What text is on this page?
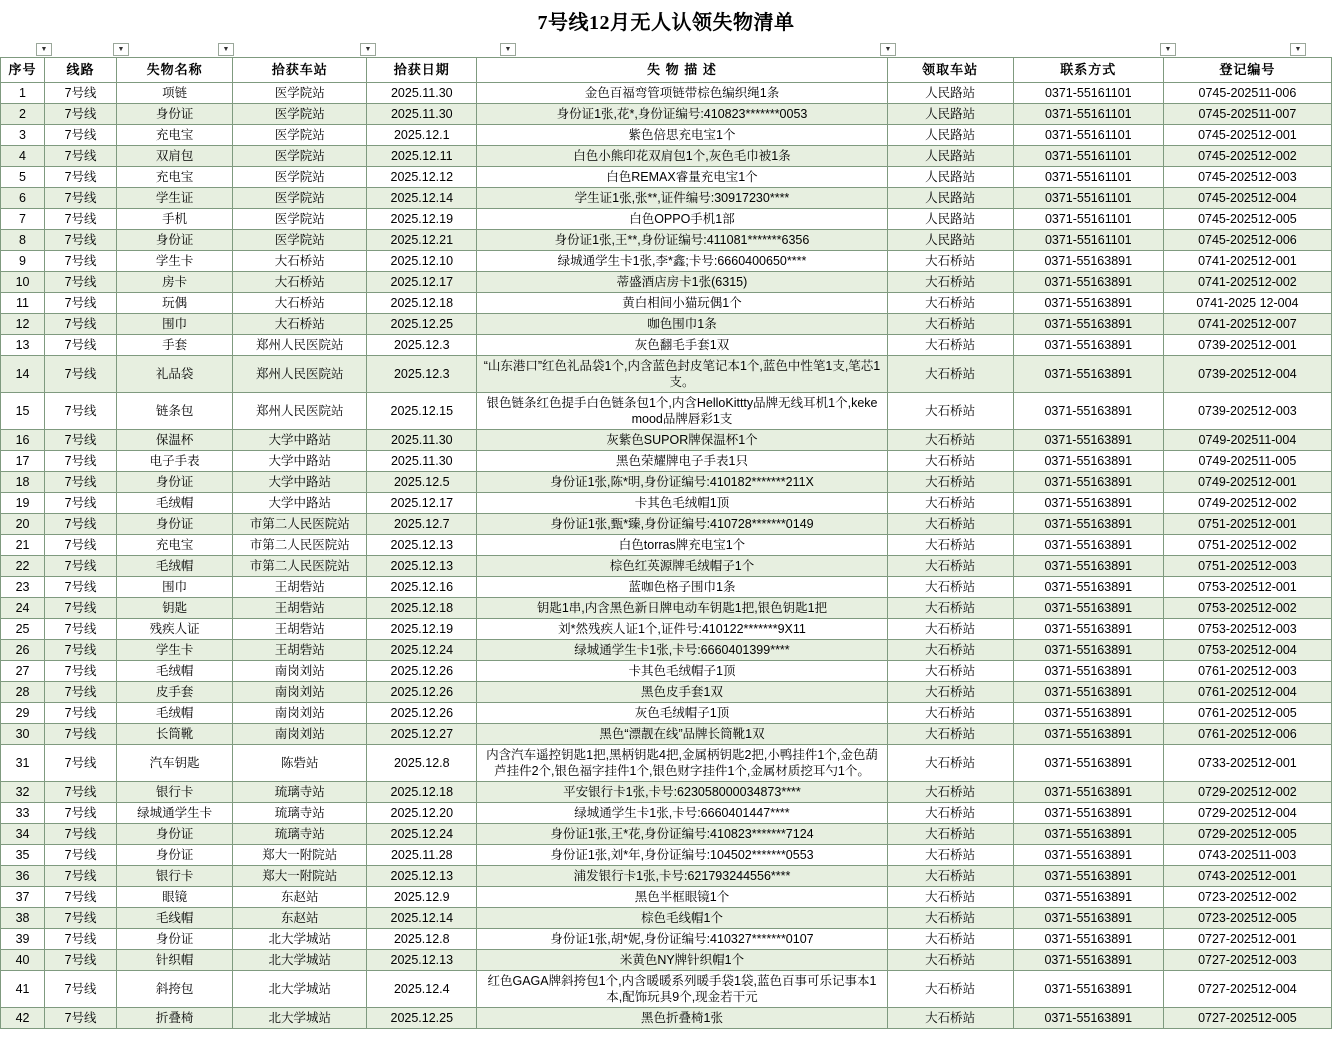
7号线12月无人认领失物清单
▼	▼	▼	▼	▼	▼	▼	▼
序号	线路	失物名称	拾获车站	拾获日期	失 物 描 述	领取车站	联系方式	登记编号
1	7号线	项链	医学院站	2025.11.30	金色百福弯管项链带棕色编织绳1条	人民路站	0371-55161101	0745-202511-006
2	7号线	身份证	医学院站	2025.11.30	身份证1张,花*,身份证编号:410823*******0053	人民路站	0371-55161101	0745-202511-007
3	7号线	充电宝	医学院站	2025.12.1	紫色倍思充电宝1个	人民路站	0371-55161101	0745-202512-001
4	7号线	双肩包	医学院站	2025.12.11	白色小熊印花双肩包1个,灰色毛巾被1条	人民路站	0371-55161101	0745-202512-002
5	7号线	充电宝	医学院站	2025.12.12	白色REMAX睿量充电宝1个	人民路站	0371-55161101	0745-202512-003
6	7号线	学生证	医学院站	2025.12.14	学生证1张,张**,证件编号:30917230****	人民路站	0371-55161101	0745-202512-004
7	7号线	手机	医学院站	2025.12.19	白色OPPO手机1部	人民路站	0371-55161101	0745-202512-005
8	7号线	身份证	医学院站	2025.12.21	身份证1张,王**,身份证编号:411081*******6356	人民路站	0371-55161101	0745-202512-006
9	7号线	学生卡	大石桥站	2025.12.10	绿城通学生卡1张,李*鑫;卡号:6660400650****	大石桥站	0371-55163891	0741-202512-001
10	7号线	房卡	大石桥站	2025.12.17	蒂盛酒店房卡1张(6315)	大石桥站	0371-55163891	0741-202512-002
11	7号线	玩偶	大石桥站	2025.12.18	黄白相间小猫玩偶1个	大石桥站	0371-55163891	0741-2025 12-004
12	7号线	围巾	大石桥站	2025.12.25	咖色围巾1条	大石桥站	0371-55163891	0741-202512-007
13	7号线	手套	郑州人民医院站	2025.12.3	灰色翻毛手套1双	大石桥站	0371-55163891	0739-202512-001
14	7号线	礼品袋	郑州人民医院站	2025.12.3	“山东港口”红色礼品袋1个,内含蓝色封皮笔记本1个,蓝色中性笔1支,笔芯1支。	大石桥站	0371-55163891	0739-202512-004
15	7号线	链条包	郑州人民医院站	2025.12.15	银色链条红色提手白色链条包1个,内含HelloKittty品牌无线耳机1个,kekemood品牌唇彩1支	大石桥站	0371-55163891	0739-202512-003
16	7号线	保温杯	大学中路站	2025.11.30	灰紫色SUPOR牌保温杯1个	大石桥站	0371-55163891	0749-202511-004
17	7号线	电子手表	大学中路站	2025.11.30	黑色荣耀牌电子手表1只	大石桥站	0371-55163891	0749-202511-005
18	7号线	身份证	大学中路站	2025.12.5	身份证1张,陈*明,身份证编号:410182*******211X	大石桥站	0371-55163891	0749-202512-001
19	7号线	毛绒帽	大学中路站	2025.12.17	卡其色毛绒帽1顶	大石桥站	0371-55163891	0749-202512-002
20	7号线	身份证	市第二人民医院站	2025.12.7	身份证1张,甄*臻,身份证编号:410728*******0149	大石桥站	0371-55163891	0751-202512-001
21	7号线	充电宝	市第二人民医院站	2025.12.13	白色torras牌充电宝1个	大石桥站	0371-55163891	0751-202512-002
22	7号线	毛绒帽	市第二人民医院站	2025.12.13	棕色红英源牌毛绒帽子1个	大石桥站	0371-55163891	0751-202512-003
23	7号线	围巾	王胡砦站	2025.12.16	蓝咖色格子围巾1条	大石桥站	0371-55163891	0753-202512-001
24	7号线	钥匙	王胡砦站	2025.12.18	钥匙1串,内含黑色新日牌电动车钥匙1把,银色钥匙1把	大石桥站	0371-55163891	0753-202512-002
25	7号线	残疾人证	王胡砦站	2025.12.19	刘*然残疾人证1个,证件号:410122*******9X11	大石桥站	0371-55163891	0753-202512-003
26	7号线	学生卡	王胡砦站	2025.12.24	绿城通学生卡1张,卡号:6660401399****	大石桥站	0371-55163891	0753-202512-004
27	7号线	毛绒帽	南岗刘站	2025.12.26	卡其色毛绒帽子1顶	大石桥站	0371-55163891	0761-202512-003
28	7号线	皮手套	南岗刘站	2025.12.26	黑色皮手套1双	大石桥站	0371-55163891	0761-202512-004
29	7号线	毛绒帽	南岗刘站	2025.12.26	灰色毛绒帽子1顶	大石桥站	0371-55163891	0761-202512-005
30	7号线	长筒靴	南岗刘站	2025.12.27	黑色“漂靓在线”品牌长筒靴1双	大石桥站	0371-55163891	0761-202512-006
31	7号线	汽车钥匙	陈砦站	2025.12.8	内含汽车遥控钥匙1把,黑柄钥匙4把,金属柄钥匙2把,小鸭挂件1个,金色葫芦挂件2个,银色福字挂件1个,银色财字挂件1个,金属材质挖耳勺1个。	大石桥站	0371-55163891	0733-202512-001
32	7号线	银行卡	琉璃寺站	2025.12.18	平安银行卡1张,卡号:623058000034873****	大石桥站	0371-55163891	0729-202512-002
33	7号线	绿城通学生卡	琉璃寺站	2025.12.20	绿城通学生卡1张,卡号:6660401447****	大石桥站	0371-55163891	0729-202512-004
34	7号线	身份证	琉璃寺站	2025.12.24	身份证1张,王*花,身份证编号:410823*******7124	大石桥站	0371-55163891	0729-202512-005
35	7号线	身份证	郑大一附院站	2025.11.28	身份证1张,刘*年,身份证编号:104502*******0553	大石桥站	0371-55163891	0743-202511-003
36	7号线	银行卡	郑大一附院站	2025.12.13	浦发银行卡1张,卡号:621793244556****	大石桥站	0371-55163891	0743-202512-001
37	7号线	眼镜	东赵站	2025.12.9	黑色半框眼镜1个	大石桥站	0371-55163891	0723-202512-002
38	7号线	毛线帽	东赵站	2025.12.14	棕色毛线帽1个	大石桥站	0371-55163891	0723-202512-005
39	7号线	身份证	北大学城站	2025.12.8	身份证1张,胡*妮,身份证编号:410327*******0107	大石桥站	0371-55163891	0727-202512-001
40	7号线	针织帽	北大学城站	2025.12.13	米黄色NY牌针织帽1个	大石桥站	0371-55163891	0727-202512-003
41	7号线	斜挎包	北大学城站	2025.12.4	红色GAGA牌斜挎包1个,内含暖暖系列暖手袋1袋,蓝色百事可乐记事本1本,配饰玩具9个,现金若干元	大石桥站	0371-55163891	0727-202512-004
42	7号线	折叠椅	北大学城站	2025.12.25	黑色折叠椅1张	大石桥站	0371-55163891	0727-202512-005
